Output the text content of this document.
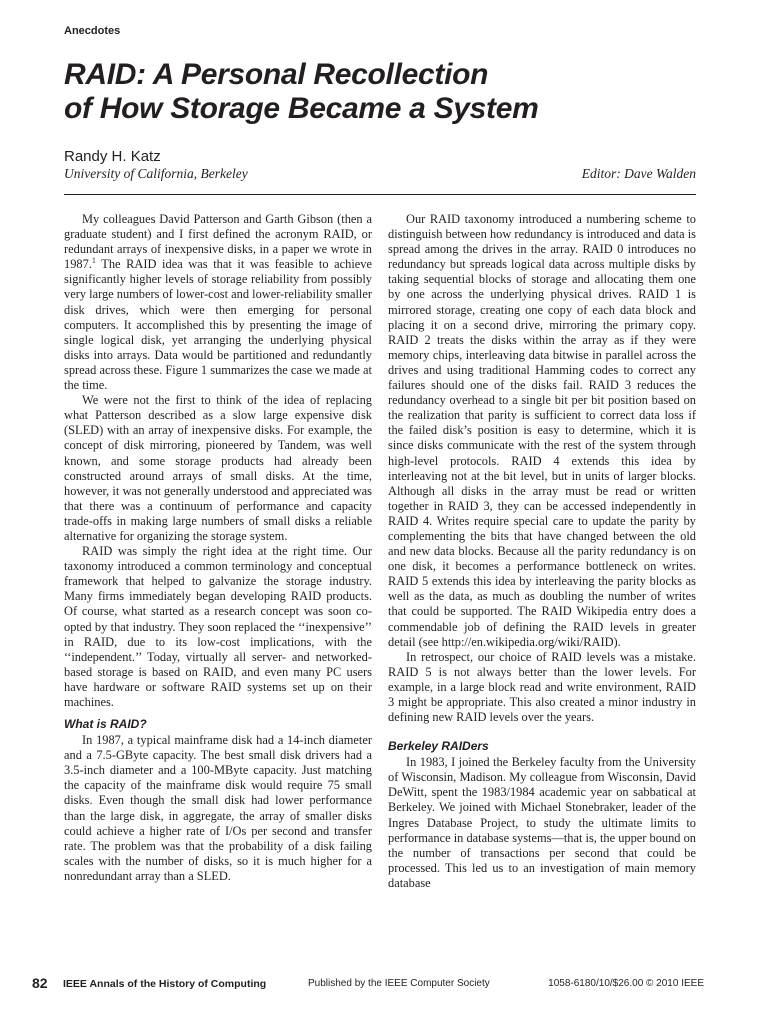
Anecdotes
RAID: A Personal Recollection
of How Storage Became a System
Randy H. Katz
University of California, Berkeley	Editor: Dave Walden

My colleagues David Patterson and Garth Gibson (then a graduate student) and I first defined the acronym RAID, or redundant arrays of inexpensive disks, in a paper we wrote in 1987.$^1$ The RAID idea was that it was feasible to achieve significantly higher levels of storage reliability from possibly very large numbers of lower-cost and lower-reliability smaller disk drives, which were then emerging for personal computers. It accomplished this by presenting the image of single logical disk, yet arranging the underlying physical disks into arrays. Data would be partitioned and redundantly spread across these. Figure 1 summarizes the case we made at the time.

We were not the first to think of the idea of replacing what Patterson described as a slow large expensive disk (SLED) with an array of inexpensive disks. For example, the concept of disk mirroring, pioneered by Tandem, was well known, and some storage products had already been constructed around arrays of small disks. At the time, however, it was not generally understood and appreciated was that there was a continuum of performance and capacity trade-offs in making large numbers of small disks a reliable alternative for organizing the storage system.

RAID was simply the right idea at the right time. Our taxonomy introduced a common terminology and conceptual framework that helped to galvanize the storage industry. Many firms immediately began developing RAID products. Of course, what started as a research concept was soon co-opted by that industry. They soon replaced the ‘‘inexpensive’’ in RAID, due to its low-cost implications, with the ‘‘independent.’’ Today, virtually all server- and networked-based storage is based on RAID, and even many PC users have hardware or software RAID systems set up on their machines.

What is RAID?

In 1987, a typical mainframe disk had a 14-inch diameter and a 7.5-GByte capacity. The best small disk drivers had a 3.5-inch diameter and a 100-MByte capacity. Just matching the capacity of the mainframe disk would require 75 small disks. Even though the small disk had lower performance than the large disk, in aggregate, the array of smaller disks could achieve a higher rate of I/Os per second and transfer rate. The problem was that the probability of a disk failing scales with the number of disks, so it is much higher for a nonredundant array than a SLED.

Our RAID taxonomy introduced a numbering scheme to distinguish between how redundancy is introduced and data is spread among the drives in the array. RAID 0 introduces no redundancy but spreads logical data across multiple disks by taking sequential blocks of storage and allocating them one by one across the underlying physical drives. RAID 1 is mirrored storage, creating one copy of each data block and placing it on a second drive, mirroring the primary copy. RAID 2 treats the disks within the array as if they were memory chips, interleaving data bitwise in parallel across the drives and using traditional Hamming codes to correct any failures should one of the disks fail. RAID 3 reduces the redundancy overhead to a single bit per bit position based on the realization that parity is sufficient to correct data loss if the failed disk’s position is easy to determine, which it is since disks communicate with the rest of the system through high-level protocols. RAID 4 extends this idea by interleaving not at the bit level, but in units of larger blocks. Although all disks in the array must be read or written together in RAID 3, they can be accessed independently in RAID 4. Writes require special care to update the parity by complementing the bits that have changed between the old and new data blocks. Because all the parity redundancy is on one disk, it becomes a performance bottleneck on writes. RAID 5 extends this idea by interleaving the parity blocks as well as the data, as much as doubling the number of writes that could be supported. The RAID Wikipedia entry does a commendable job of defining the RAID levels in greater detail (see http://en.wikipedia.org/wiki/RAID).

In retrospect, our choice of RAID levels was a mistake. RAID 5 is not always better than the lower levels. For example, in a large block read and write environment, RAID 3 might be appropriate. This also created a minor industry in defining new RAID levels over the years.

Berkeley RAIDers

In 1983, I joined the Berkeley faculty from the University of Wisconsin, Madison. My colleague from Wisconsin, David DeWitt, spent the 1983/1984 academic year on sabbatical at Berkeley. We joined with Michael Stonebraker, leader of the Ingres Database Project, to study the ultimate limits to performance in database systems—that is, the upper bound on the number of transactions per second that could be processed. This led us to an investigation of main memory database

82 IEEE Annals of the History of Computing	Published by the IEEE Computer Society	1058-6180/10/$26.00 © 2010 IEEE
